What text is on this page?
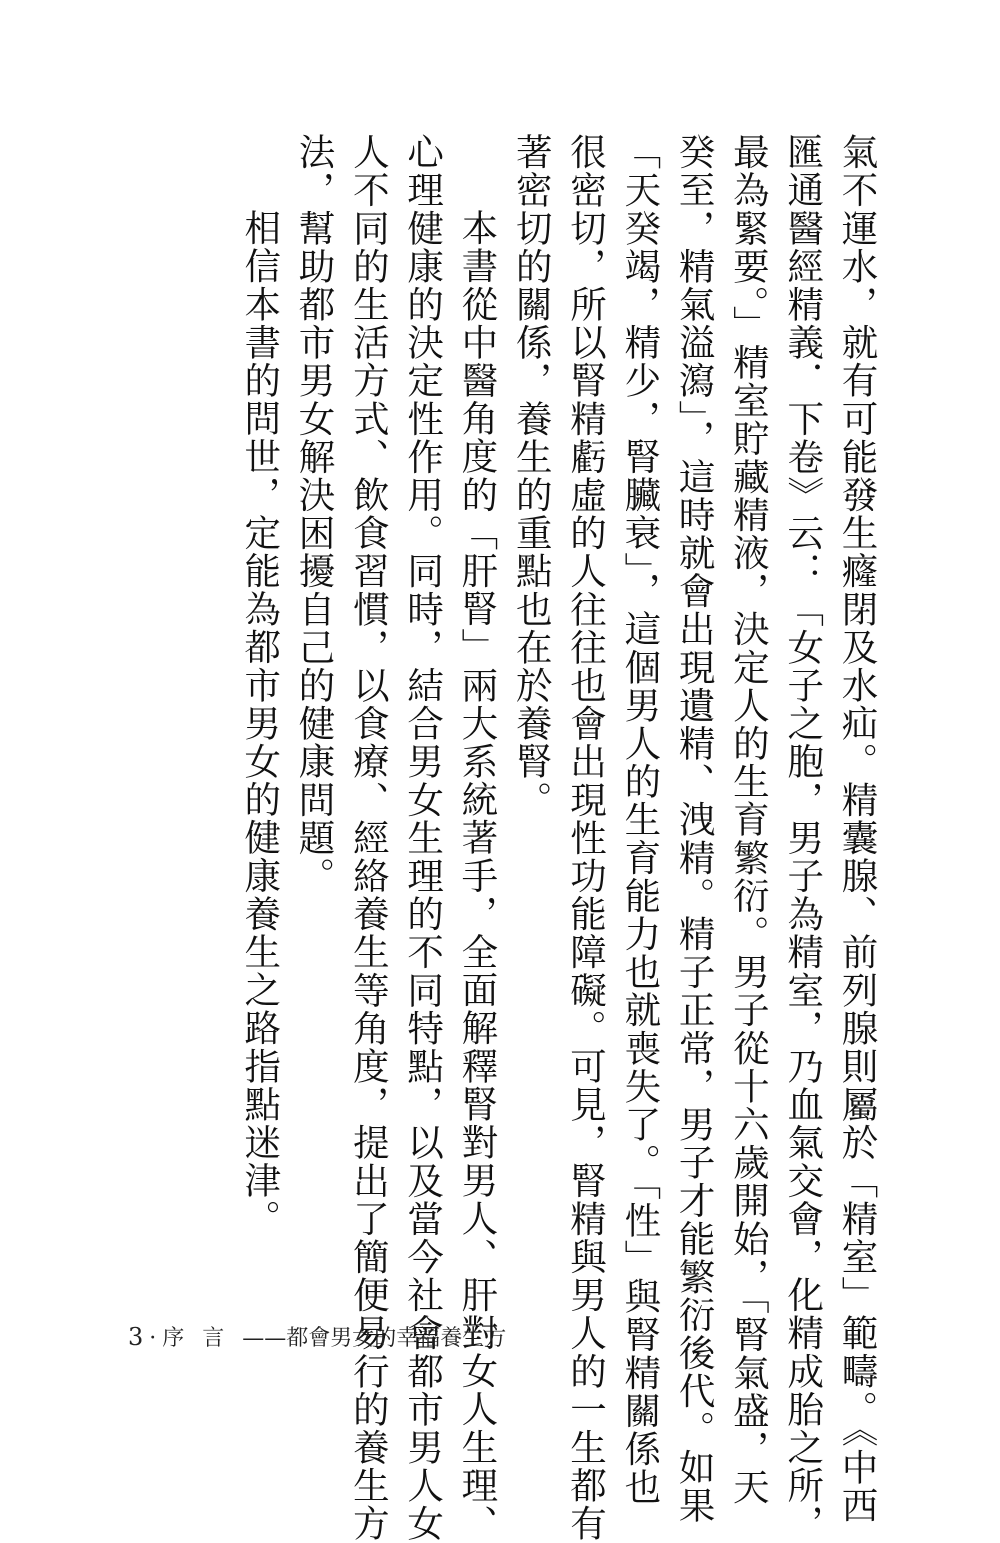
氣不運水，就有可能發生癃閉及水疝。精囊腺、前列腺則屬於「精室」範疇。《中西
匯通醫經精義．下卷》云：「女子之胞，男子為精室，乃血氣交會，化精成胎之所，
最為緊要。」精室貯藏精液，決定人的生育繁衍。男子從十六歲開始，「腎氣盛，天
癸至，精氣溢瀉」，這時就會出現遺精、洩精。精子正常，男子才能繁衍後代。如果
「天癸竭，精少，腎臟衰」，這個男人的生育能力也就喪失了。「性」與腎精關係也
很密切，所以腎精虧虛的人往往也會出現性功能障礙。可見，腎精與男人的一生都有
著密切的關係，養生的重點也在於養腎。
本書從中醫角度的「肝腎」兩大系統著手，全面解釋腎對男人、肝對女人生理、
心理健康的決定性作用。同時，結合男女生理的不同特點，以及當今社會都市男人女
人不同的生活方式、飲食習慣，以食療、經絡養生等角度，提出了簡便易行的養生方
法，幫助都市男女解決困擾自己的健康問題。
相信本書的問世，定能為都市男女的健康養生之路指點迷津。
3 · 序言 ——都會男女的幸福養生方
